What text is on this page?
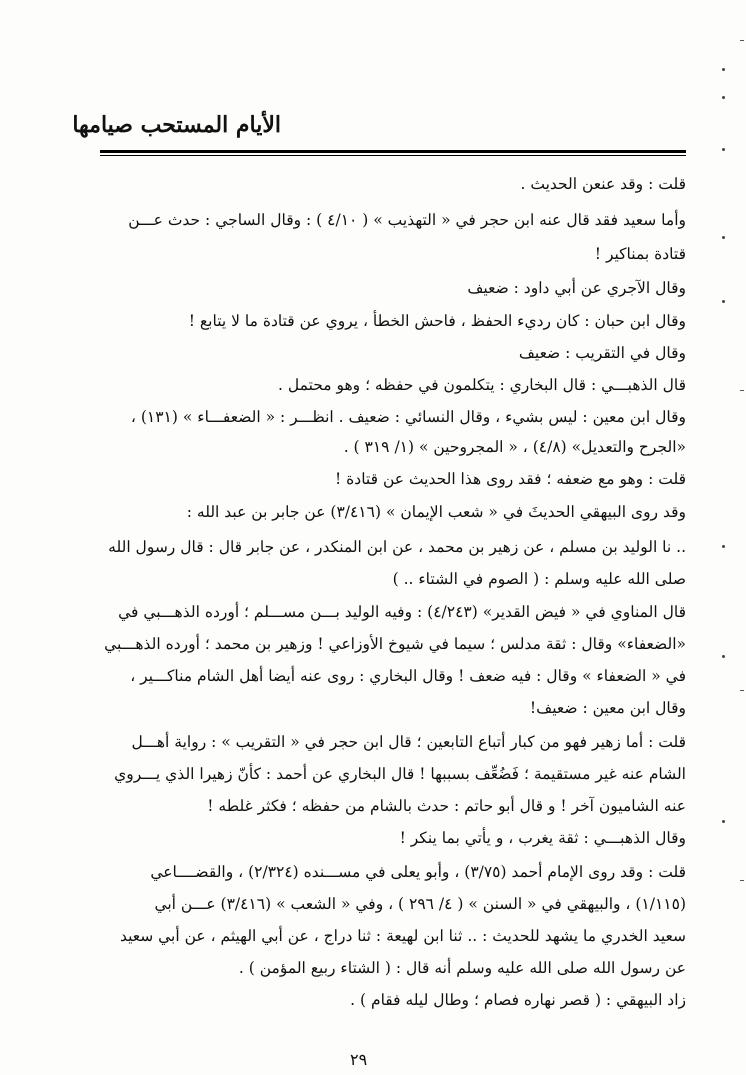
الأيام المستحب صيامها
قلت : وقد عنعن الحديث .
وأما سعيد فقد قال عنه ابن حجر في « التهذيب » ( ٤/١٠ ) : وقال الساجي : حدث عـــن
قتادة بمناكير !
وقال الآجري عن أبي داود : ضعيف
وقال ابن حبان : كان رديء الحفظ ، فاحش الخطأ ، يروي عن قتادة ما لا يتابع !
وقال في التقريب : ضعيف
قال الذهبـــي : قال البخاري : يتكلمون في حفظه ؛ وهو محتمل .
وقال ابن معين : ليس بشيء ، وقال النسائي : ضعيف . انظـــر : « الضعفـــاء » (١٣١) ،
«الجرح والتعديل» (٤/٨) ، « المجروحين » (١/ ٣١٩ ) .
قلت : وهو مع ضعفه ؛ فقد روى هذا الحديث عن قتادة !
وقد روى البيهقي الحديثَ في « شعب الإيمان » (٣/٤١٦) عن جابر بن عبد الله :
.. نا الوليد بن مسلم ، عن زهير بن محمد ، عن ابن المنكدر ، عن جابر قال : قال رسول الله
صلى الله عليه وسلم : ( الصوم في الشتاء .. )
قال المناوي في « فيض القدير» (٤/٢٤٣) : وفيه الوليد بـــن مســـلم ؛ أورده الذهـــبي في
«الضعفاء» وقال : ثقة مدلس ؛ سيما في شيوخ الأوزاعي ! وزهير بن محمد ؛ أورده الذهـــبي
في « الضعفاء » وقال : فيه ضعف ! وقال البخاري : روى عنه أيضا أهل الشام مناكـــير ،
وقال ابن معين : ضعيف!
قلت : أما زهير فهو من كبار أتباع التابعين ؛ قال ابن حجر في « التقريب » : رواية أهـــل
الشام عنه غير مستقيمة ؛ فَضُعِّف بسببها ! قال البخاري عن أحمد : كأنّ زهيرا الذي يـــروي
عنه الشاميون آخر ! و قال أبو حاتم : حدث بالشام من حفظه ؛ فكثر غلطه !
وقال الذهبـــي : ثقة يغرب ، و يأتي بما ينكر !
قلت : وقد روى الإمام أحمد (٣/٧٥) ، وأبو يعلى في مســـنده (٢/٣٢٤) ، والقضــــاعي
(١/١١٥) ، والبيهقي في « السنن » ( ٤/ ٢٩٦ ) ، وفي « الشعب » (٣/٤١٦) عـــن أبي
سعيد الخدري ما يشهد للحديث : .. ثنا ابن لهيعة : ثنا دراج ، عن أبي الهيثم ، عن أبي سعيد
عن رسول الله صلى الله عليه وسلم أنه قال : ( الشتاء ربيع المؤمن ) .
زاد البيهقي : ( قصر نهاره فصام ؛ وطال ليله فقام ) .
٢٩
